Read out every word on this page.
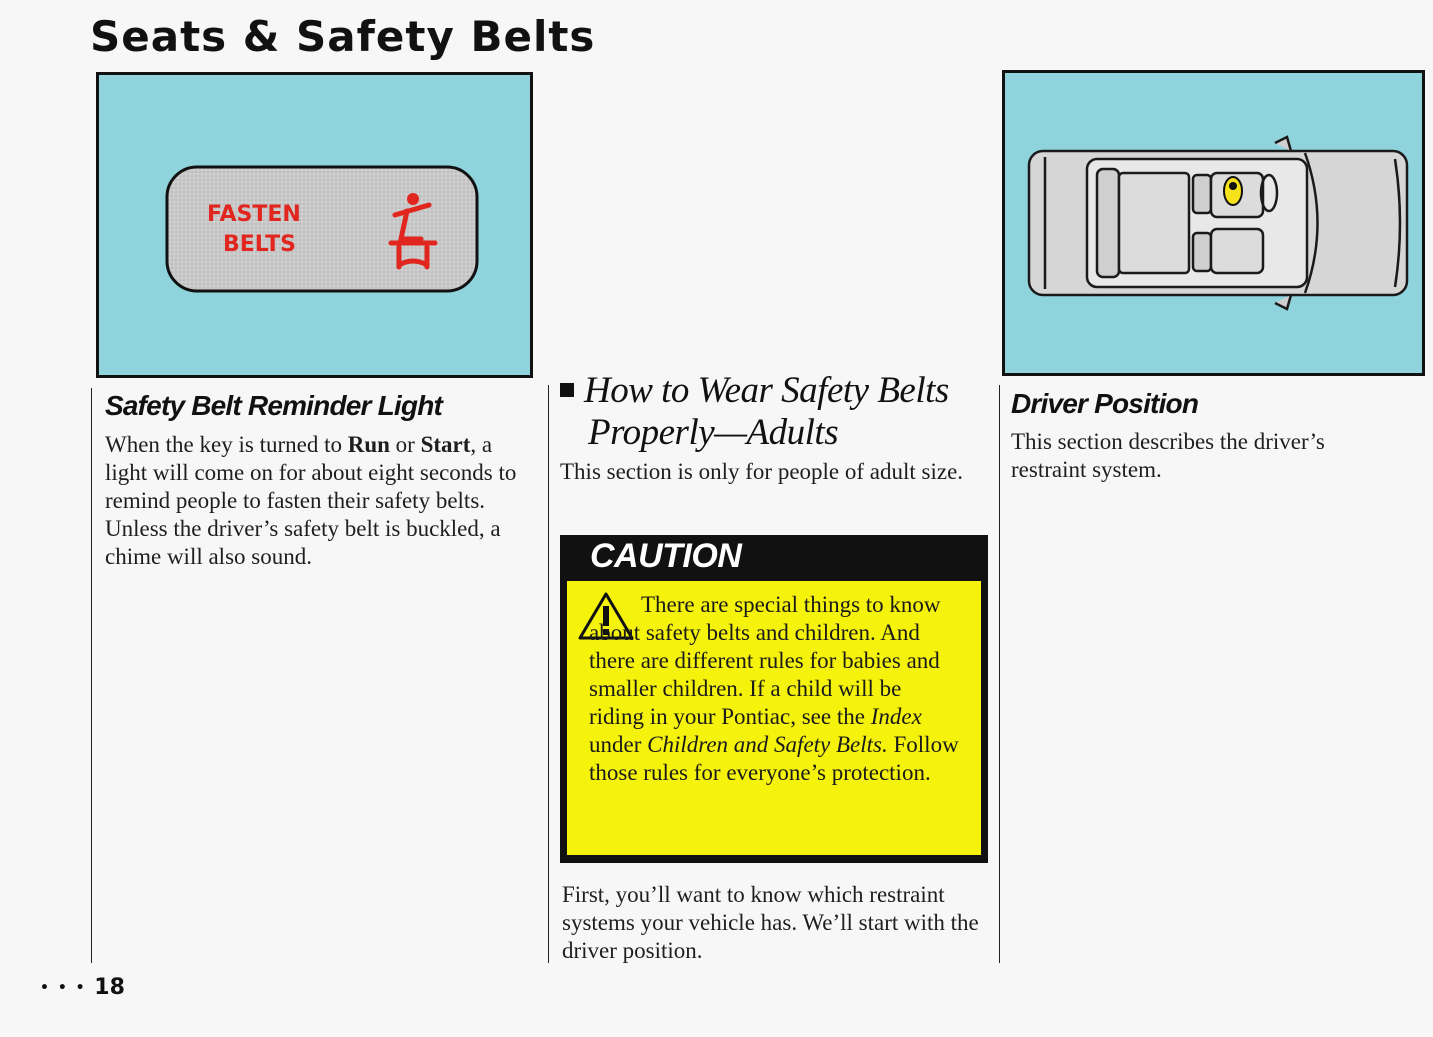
Seats & Safety Belts
FASTEN
BELTS
Safety Belt Reminder Light
When the key is turned to Run or Start, a light will come on for about eight seconds to remind people to fasten their safety belts. Unless the driver’s safety belt is buckled, a chime will also sound.
How to Wear Safety Belts
Properly—Adults
This section is only for people of adult size.
CAUTION
There are special things to know about safety belts and children. And there are different rules for babies and smaller children. If a child will be riding in your Pontiac, see the Index under Children and Safety Belts. Follow those rules for everyone’s protection.
First, you’ll want to know which restraint systems your vehicle has. We’ll start with the driver position.
Driver Position
This section describes the driver’s restraint system.
• • • 18
